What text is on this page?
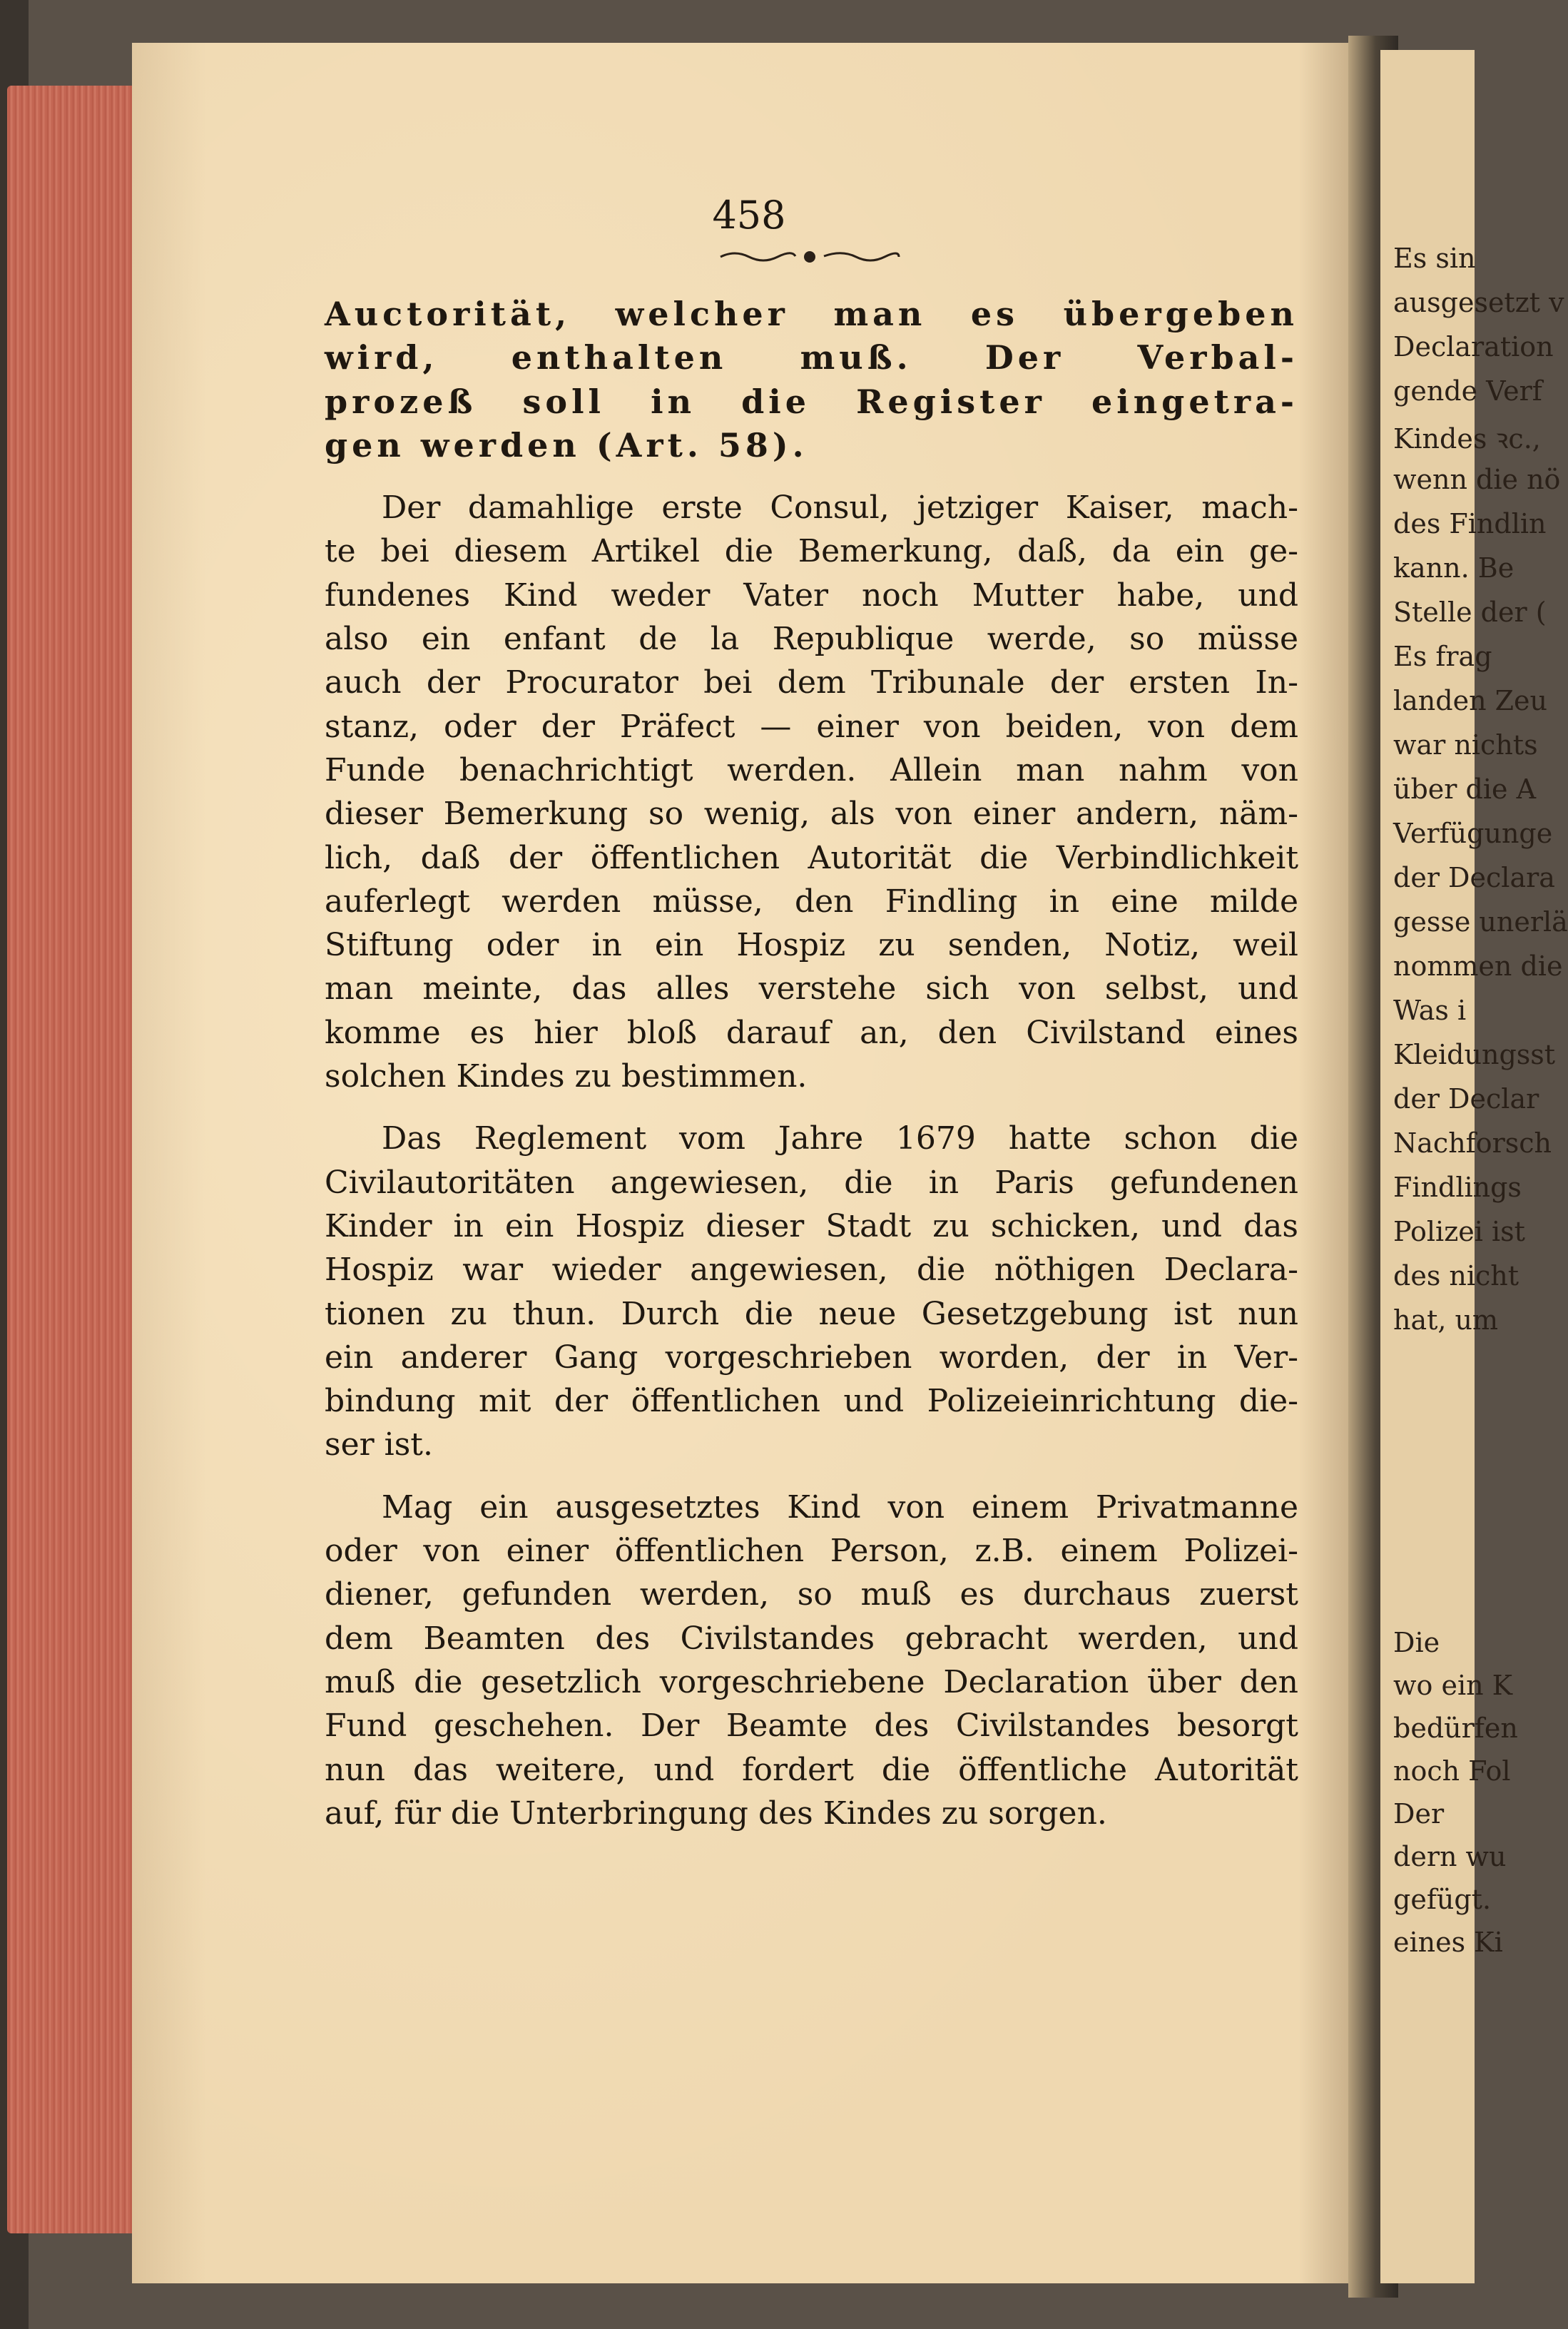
Es sin
ausgesetzt v
Declaration
gende Verf
Kindes ꝛc.,
wenn die nö
des Findlin
kann. Be
Stelle der (
Es frag
landen Zeu
war nichts
über die A
Verfügunge
der Declara
gesse unerlä
nommen die
Was i
Kleidungsst
der Declar
Nachforsch
Findlings
Polizei ist
des nicht
hat, um
Die
wo ein K
bedürfen
noch Fol
Der
dern wu
gefügt.
eines Ki
458
Auctorität, welcher man es übergeben
wird, enthalten muß. Der Verbal-
prozeß soll in die Register eingetra-
gen werden (Art. 58).
Der damahlige erste Consul, jetziger Kaiser, mach-
te bei diesem Artikel die Bemerkung, daß, da ein ge-
fundenes Kind weder Vater noch Mutter habe, und
also ein enfant de la Republique werde, so müsse
auch der Procurator bei dem Tribunale der ersten In-
stanz, oder der Präfect — einer von beiden, von dem
Funde benachrichtigt werden. Allein man nahm von
dieser Bemerkung so wenig, als von einer andern, näm-
lich, daß der öffentlichen Autorität die Verbindlichkeit
auferlegt werden müsse, den Findling in eine milde
Stiftung oder in ein Hospiz zu senden, Notiz, weil
man meinte, das alles verstehe sich von selbst, und
komme es hier bloß darauf an, den Civilstand eines
solchen Kindes zu bestimmen.
Das Reglement vom Jahre 1679 hatte schon die
Civilautoritäten angewiesen, die in Paris gefundenen
Kinder in ein Hospiz dieser Stadt zu schicken, und das
Hospiz war wieder angewiesen, die nöthigen Declara-
tionen zu thun. Durch die neue Gesetzgebung ist nun
ein anderer Gang vorgeschrieben worden, der in Ver-
bindung mit der öffentlichen und Polizeieinrichtung die-
ser ist.
Mag ein ausgesetztes Kind von einem Privatmanne
oder von einer öffentlichen Person, z.B. einem Polizei-
diener, gefunden werden, so muß es durchaus zuerst
dem Beamten des Civilstandes gebracht werden, und
muß die gesetzlich vorgeschriebene Declaration über den
Fund geschehen. Der Beamte des Civilstandes besorgt
nun das weitere, und fordert die öffentliche Autorität
auf, für die Unterbringung des Kindes zu sorgen.
